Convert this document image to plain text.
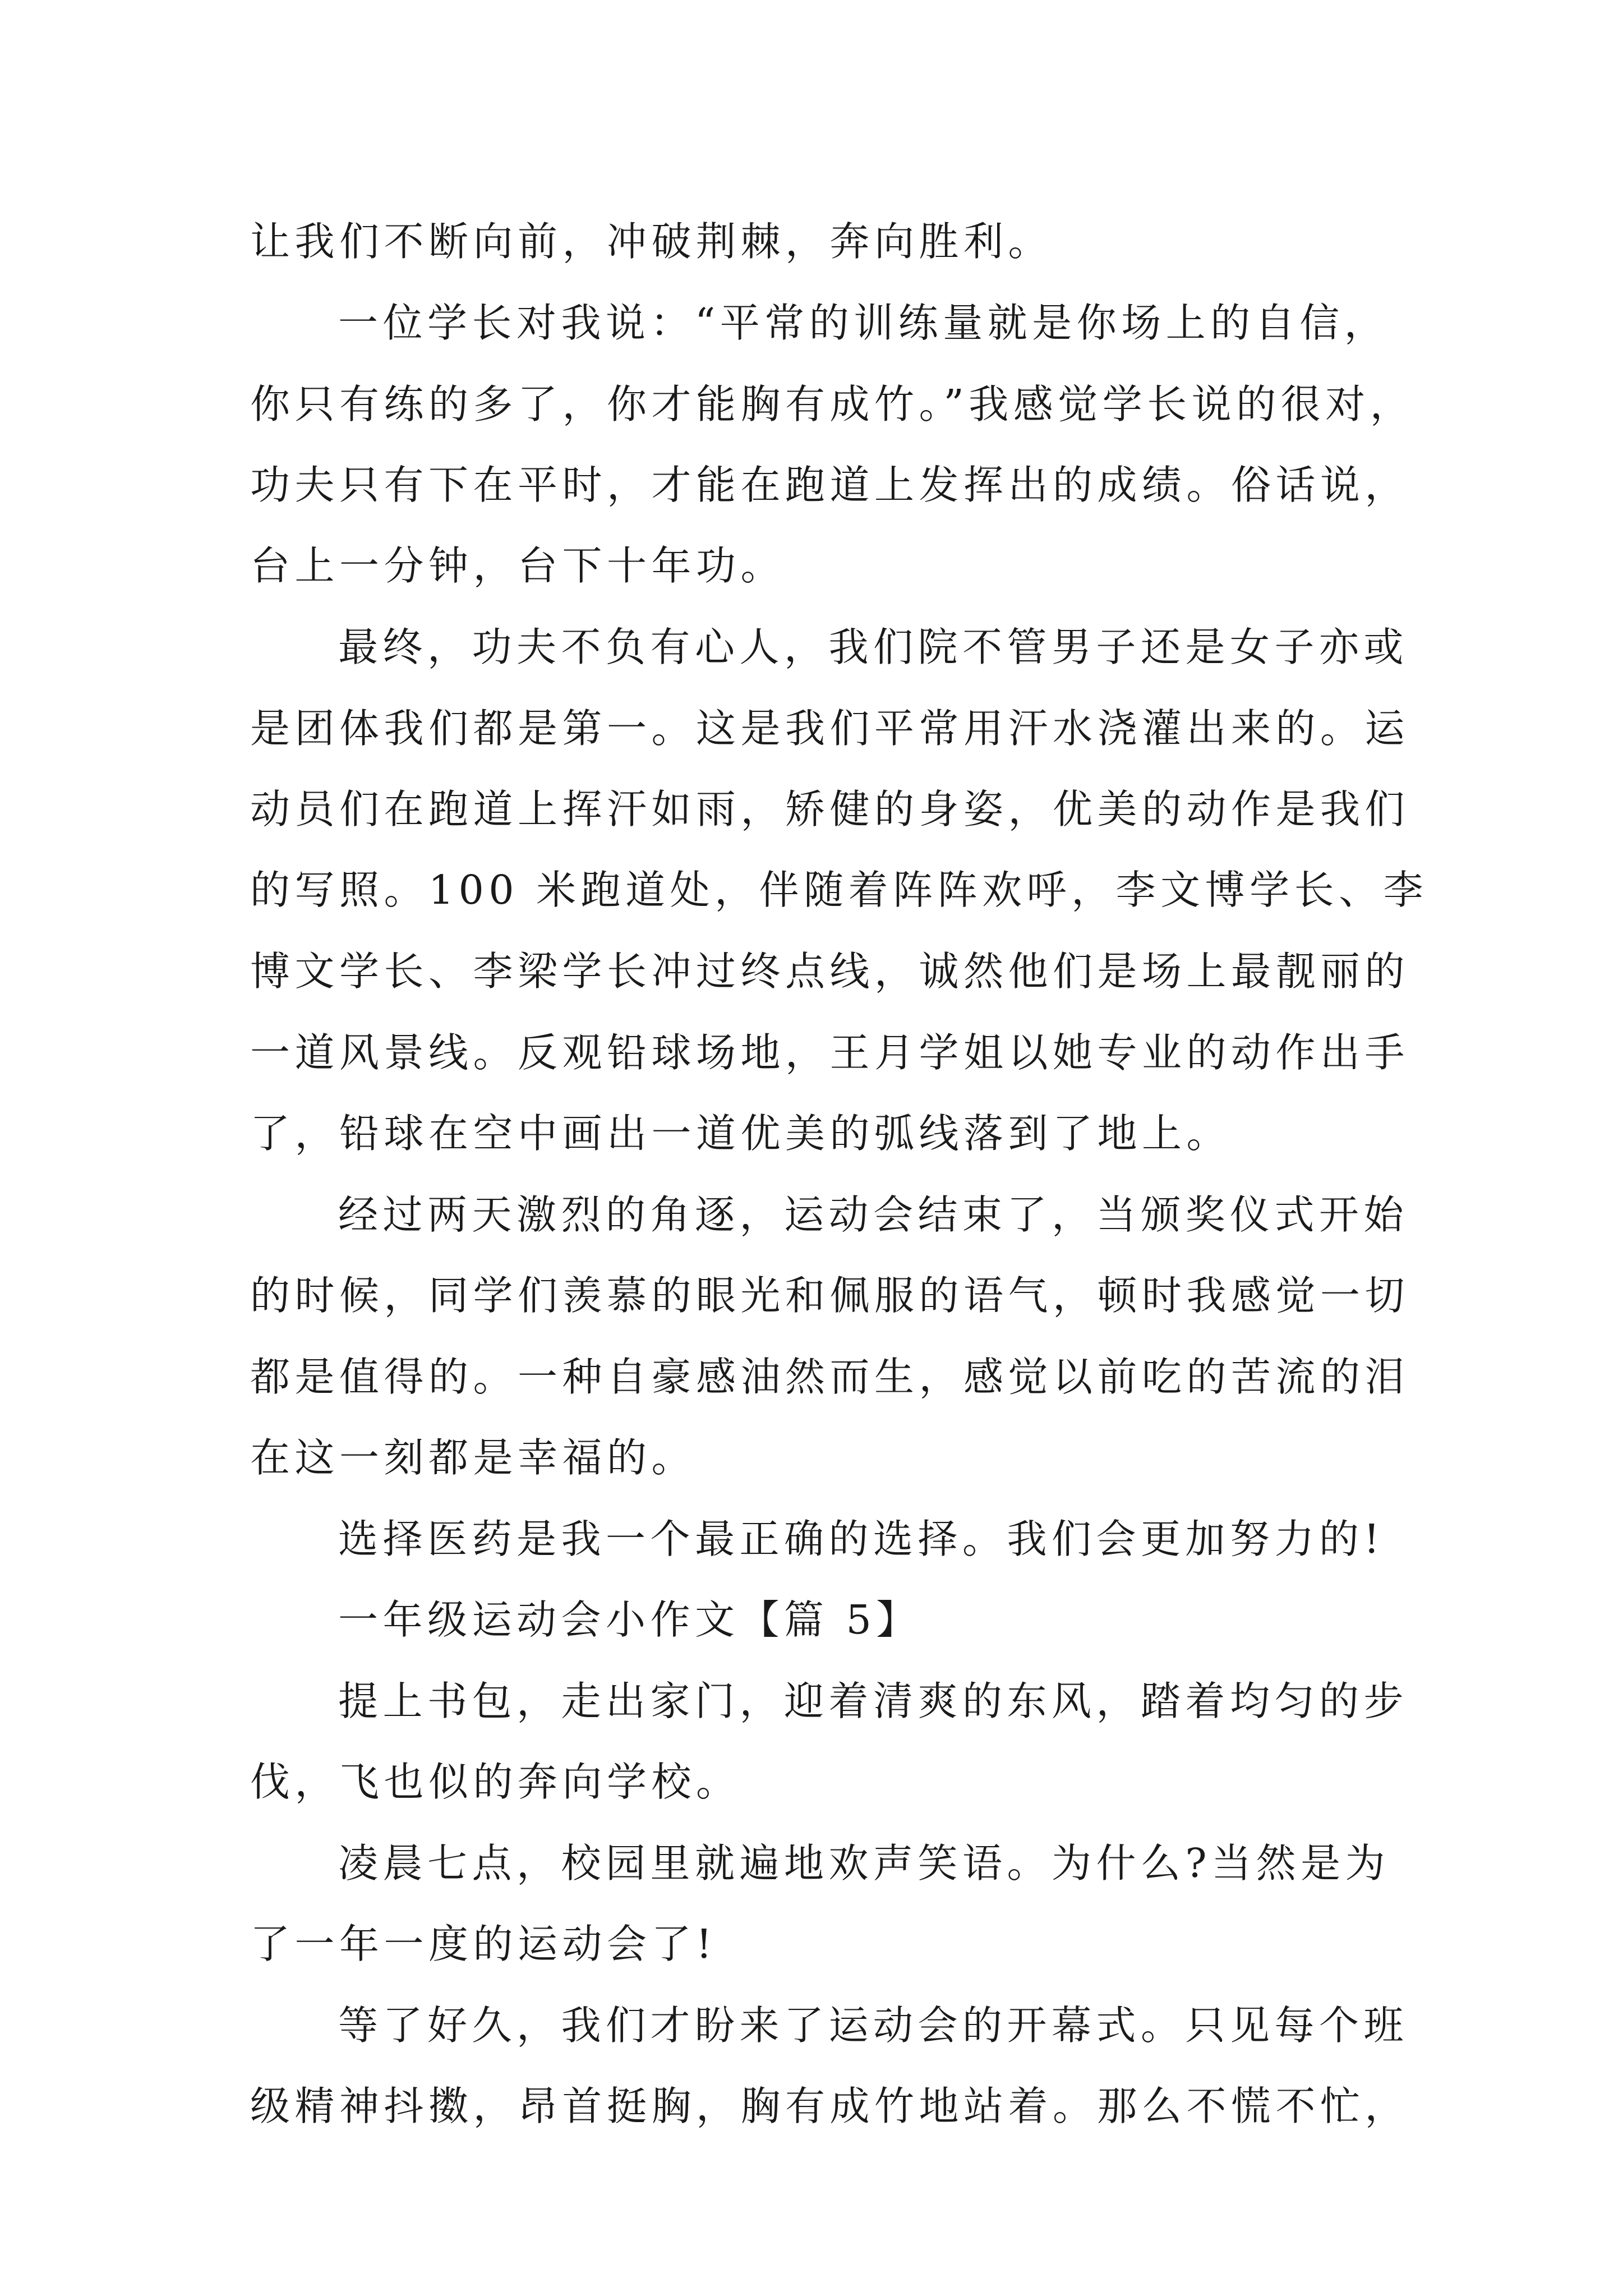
让我们不断向前，冲破荆棘，奔向胜利。
一位学长对我说：“平常的训练量就是你场上的自信，
你只有练的多了，你才能胸有成竹。”我感觉学长说的很对，
功夫只有下在平时，才能在跑道上发挥出的成绩。俗话说，
台上一分钟，台下十年功。
最终，功夫不负有心人，我们院不管男子还是女子亦或
是团体我们都是第一。这是我们平常用汗水浇灌出来的。运
动员们在跑道上挥汗如雨，矫健的身姿，优美的动作是我们
的写照。100 米跑道处，伴随着阵阵欢呼，李文博学长、李
博文学长、李梁学长冲过终点线，诚然他们是场上最靓丽的
一道风景线。反观铅球场地，王月学姐以她专业的动作出手
了，铅球在空中画出一道优美的弧线落到了地上。
经过两天激烈的角逐，运动会结束了，当颁奖仪式开始
的时候，同学们羡慕的眼光和佩服的语气，顿时我感觉一切
都是值得的。一种自豪感油然而生，感觉以前吃的苦流的泪
在这一刻都是幸福的。
选择医药是我一个最正确的选择。我们会更加努力的!
一年级运动会小作文【篇 5】
提上书包，走出家门，迎着清爽的东风，踏着均匀的步
伐，飞也似的奔向学校。
凌晨七点，校园里就遍地欢声笑语。为什么?当然是为
了一年一度的运动会了!
等了好久，我们才盼来了运动会的开幕式。只见每个班
级精神抖擞，昂首挺胸，胸有成竹地站着。那么不慌不忙，
